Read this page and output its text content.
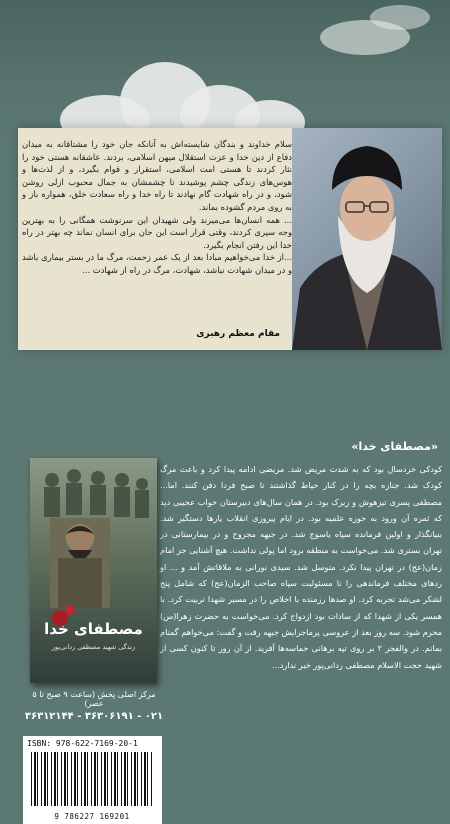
سلام خداوند و بندگان شایسته‌اش به آنانکه جان خود را مشتاقانه به میدان دفاع از دین خدا و عزت استقلال میهن اسلامی، بردند. عاشقانه هستی خود را نثار کردند تا هستی امت اسلامی، استقرار و قوام بگیرد، و از لذت‌ها و هوس‌های زندگی چشم پوشیدند تا چشمشان به جمال محبوب ازلی روشن شود، و در راه شهادت گام نهادند تا راه خدا و راه سعادت خلق، همواره باز و به روی مردم گشوده بماند.

... همه انسان‌ها می‌میرند ولی شهیدان این سرنوشت همگانی را به بهترین وجه سپری کردند، وقتی قرار است این جان برای انسان نماند چه بهتر در راه خدا این رفتن انجام بگیرد.

...از خدا می‌خواهیم مبادا بعد از یک عمر زحمت، مرگ ما در بستر بیماری باشد و در میدان شهادت نباشد، شهادت، مرگ در راه از شهادت ...

مقام معظم رهبری
«مصطفای خدا»
کودکی خردسال بود که به شدت مریض شد. مریضی ادامه پیدا کرد و باعث مرگ کودک شد. جنازه بچه را در کنار حیاط گذاشتند تا صبح فردا دفن کنند. اما... مصطفی پسری تیزهوش و زیرک بود. در همان سال‌های دبیرستان خواب عجیبی دید که ثمره آن ورود به حوزه علمیه بود. در ایام پیروزی انقلاب یارها دستگیر شد. بنیانگذار و اولین فرمانده سپاه یاسوج شد. در جبهه مجروح و در بیمارستانی در تهران بستری شد. می‌خواست به منطقه برود اما پولی نداشت. هیچ آشنایی جز امام زمان(عج) در تهران پیدا نکرد. متوسل شد. سیدی نورانی به ملاقاتش آمد و ... او ردهای مختلف فرماندهی را تا مسئولیت سپاه صاحب الزمان(عج) که شامل پنج لشکر می‌شد تجربه کرد. او صدها رزمنده با اخلاص را در مسیر شهدا تربیت کرد. با همسر یکی از شهدا که از سادات بود ازدواج کرد. می‌خواست به حضرت زهرا(س) محرم شود. سه روز بعد از عروسی پرماجرایش جبهه رفت و گفت: می‌خواهم گمنام بمانم. در والفجر ۲ بر روی تپه برهانی حماسه‌ها آفرید. از آن روز تا کنون کسی از شهید حجت الاسلام مصطفی ردانی‌پور خبر ندارد...
مصطفای خدا
زندگی شهید مصطفی ردانی‌پور
مرکز اصلی پخش (ساعت ۹ صبح تا ۵ عصر)
۰۲۱ - ۳۶۳۰۶۱۹۱ - ۳۶۳۱۲۱۴۴
ISBN: 978-622-7169-20-1
9 786227 169201
